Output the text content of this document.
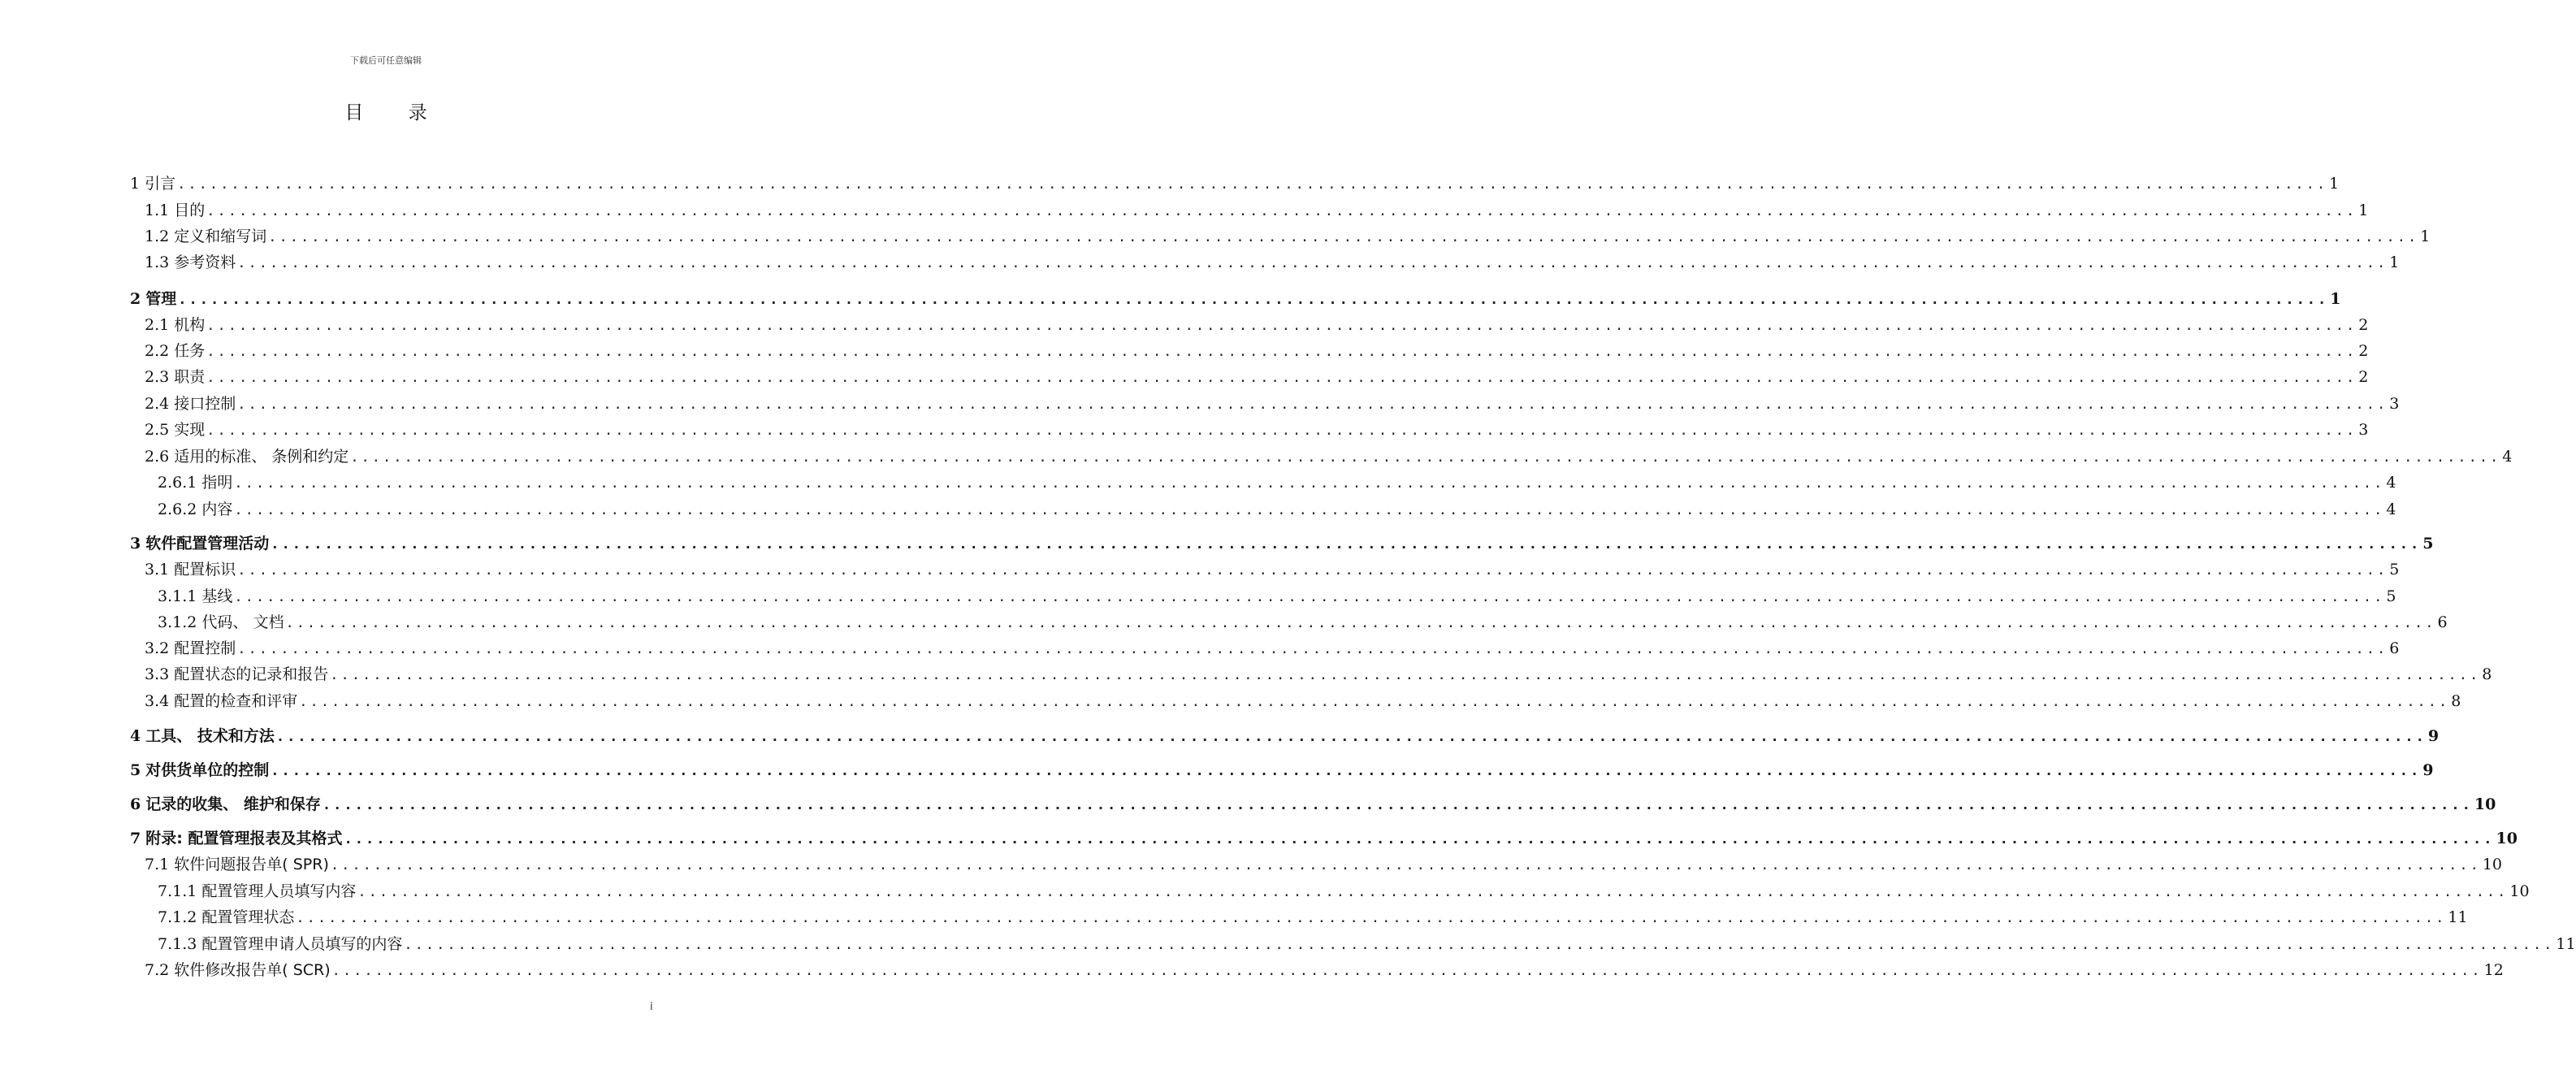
下载后可任意编辑
目 录
1 引言 ........................................................................................................................................................................................................ 1
1.1 目的 ........................................................................................................................................................................................................ 1
1.2 定义和缩写词 ........................................................................................................................................................................................................ 1
1.3 参考资料 ........................................................................................................................................................................................................ 1
2 管理 ........................................................................................................................................................................................................ 1
2.1 机构 ........................................................................................................................................................................................................ 2
2.2 任务 ........................................................................................................................................................................................................ 2
2.3 职责 ........................................................................................................................................................................................................ 2
2.4 接口控制 ........................................................................................................................................................................................................ 3
2.5 实现 ........................................................................................................................................................................................................ 3
2.6 适用的标准、 条例和约定 ........................................................................................................................................................................................................ 4
2.6.1 指明 ........................................................................................................................................................................................................ 4
2.6.2 内容 ........................................................................................................................................................................................................ 4
3 软件配置管理活动 ........................................................................................................................................................................................................ 5
3.1 配置标识 ........................................................................................................................................................................................................ 5
3.1.1 基线 ........................................................................................................................................................................................................ 5
3.1.2 代码、 文档 ........................................................................................................................................................................................................ 6
3.2 配置控制 ........................................................................................................................................................................................................ 6
3.3 配置状态的记录和报告 ........................................................................................................................................................................................................ 8
3.4 配置的检查和评审 ........................................................................................................................................................................................................ 8
4 工具、 技术和方法 ........................................................................................................................................................................................................ 9
5 对供货单位的控制 ........................................................................................................................................................................................................ 9
6 记录的收集、 维护和保存 ........................................................................................................................................................................................................ 10
7 附录: 配置管理报表及其格式 ........................................................................................................................................................................................................ 10
7.1 软件问题报告单( SPR) ........................................................................................................................................................................................................ 10
7.1.1 配置管理人员填写内容 ........................................................................................................................................................................................................ 10
7.1.2 配置管理状态 ........................................................................................................................................................................................................ 11
7.1.3 配置管理申请人员填写的内容 ........................................................................................................................................................................................................ 11
7.2 软件修改报告单( SCR) ........................................................................................................................................................................................................ 12
i
